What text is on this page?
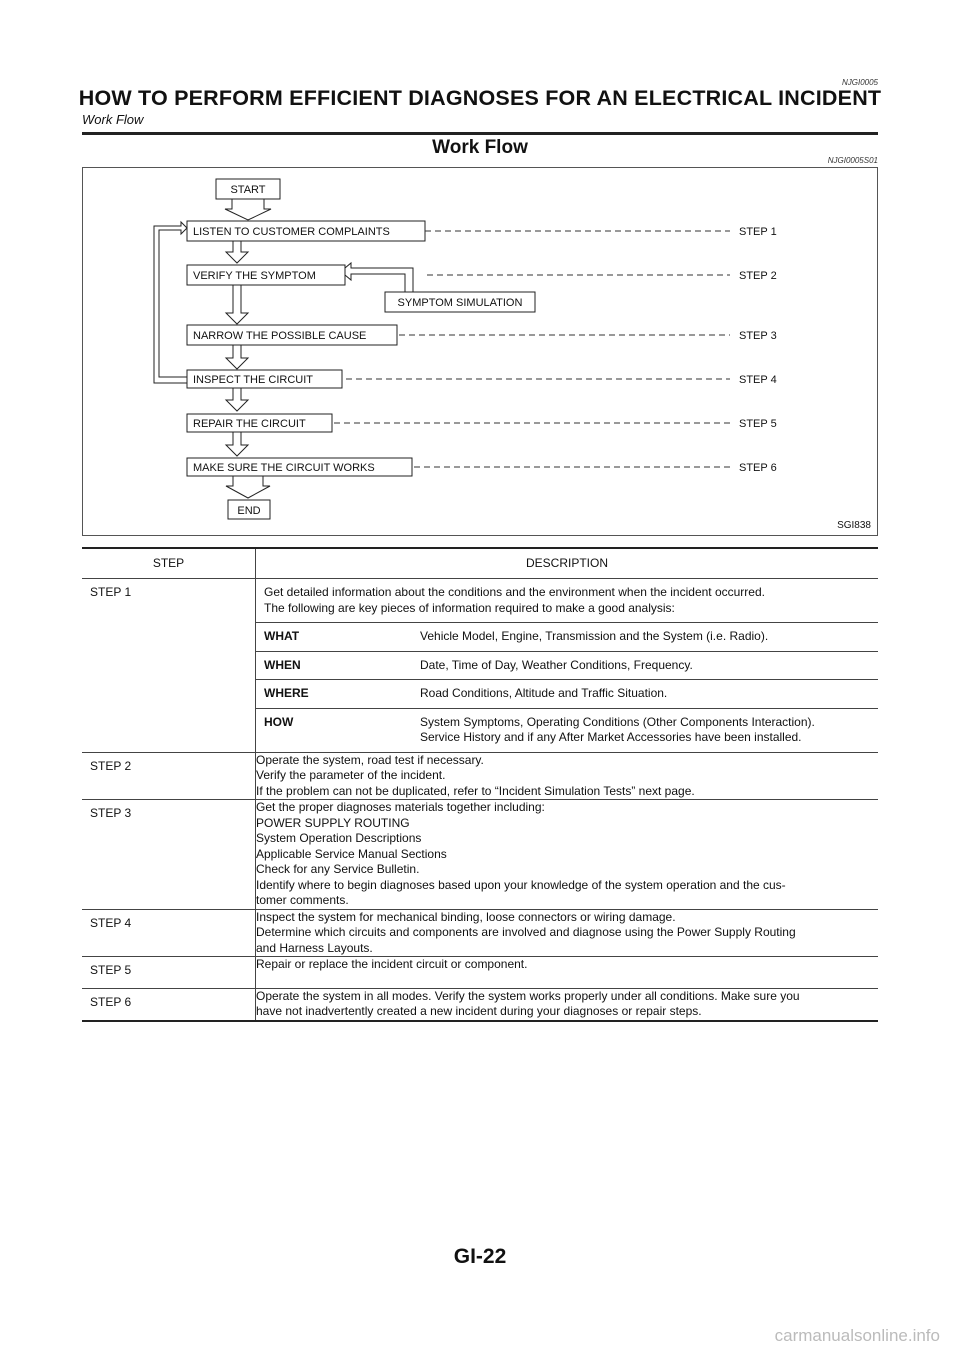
NJGI0005
HOW TO PERFORM EFFICIENT DIAGNOSES FOR AN ELECTRICAL INCIDENT
Work Flow
Work Flow
NJGI0005S01
START
LISTEN TO CUSTOMER COMPLAINTS
VERIFY THE SYMPTOM
SYMPTOM SIMULATION
NARROW THE POSSIBLE CAUSE
INSPECT THE CIRCUIT
REPAIR THE CIRCUIT
MAKE SURE THE CIRCUIT WORKS
END
STEP 1
STEP 2
STEP 3
STEP 4
STEP 5
STEP 6
SGI838
STEP	DESCRIPTION
STEP 1	Get detailed information about the conditions and the environment when the incident occurred.
The following are key pieces of information required to make a good analysis:
WHAT	Vehicle Model, Engine, Transmission and the System (i.e. Radio).
WHEN	Date, Time of Day, Weather Conditions, Frequency.
WHERE	Road Conditions, Altitude and Traffic Situation.
HOW	System Symptoms, Operating Conditions (Other Components Interaction).
Service History and if any After Market Accessories have been installed.

STEP 2	Operate the system, road test if necessary.
Verify the parameter of the incident.
If the problem can not be duplicated, refer to “Incident Simulation Tests” next page.

STEP 3	Get the proper diagnoses materials together including:
POWER SUPPLY ROUTING
System Operation Descriptions
Applicable Service Manual Sections
Check for any Service Bulletin.
Identify where to begin diagnoses based upon your knowledge of the system operation and the cus-
tomer comments.

STEP 4	Inspect the system for mechanical binding, loose connectors or wiring damage.
Determine which circuits and components are involved and diagnose using the Power Supply Routing
and Harness Layouts.

STEP 5	Repair or replace the incident circuit or component.

STEP 6	Operate the system in all modes. Verify the system works properly under all conditions. Make sure you
have not inadvertently created a new incident during your diagnoses or repair steps.
GI-22
carmanualsonline.info
